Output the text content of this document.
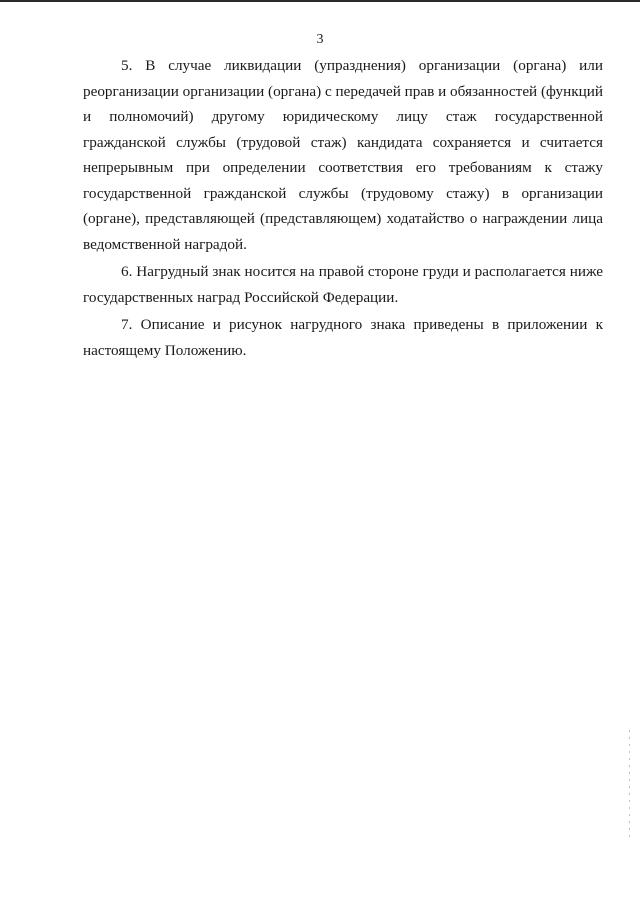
3

5. В случае ликвидации (упразднения) организации (органа) или реорганизации организации (органа) с передачей прав и обязанностей (функций и полномочий) другому юридическому лицу стаж государственной гражданской службы (трудовой стаж) кандидата сохраняется и считается непрерывным при определении соответствия его требованиям к стажу государственной гражданской службы (трудовому стажу) в организации (органе), представляющей (представляющем) ходатайство о награждении лица ведомственной наградой.

6. Нагрудный знак носится на правой стороне груди и располагается ниже государственных наград Российской Федерации.

7. Описание и рисунок нагрудного знака приведены в приложении к настоящему Положению.
